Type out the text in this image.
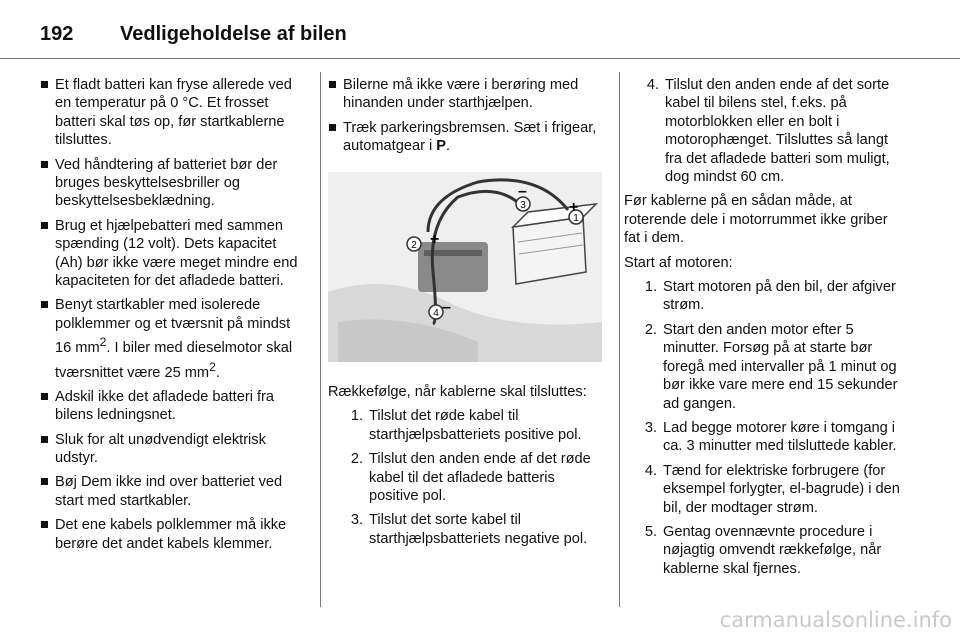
192	Vedligeholdelse af bilen
Et fladt batteri kan fryse allerede ved en temperatur på 0 °C. Et frosset batteri skal tøs op, før startkablerne tilsluttes.
Ved håndtering af batteriet bør der bruges beskyttelsesbriller og beskyttelsesbeklædning.
Brug et hjælpebatteri med sammen spænding (12 volt). Dets kapacitet (Ah) bør ikke være meget mindre end kapaciteten for det afladede batteri.
Benyt startkabler med isolerede polklemmer og et tværsnit på mindst 16 $mm^2$. I biler med dieselmotor skal tværsnittet være 25 $mm^2$.
Adskil ikke det afladede batteri fra bilens ledningsnet.
Sluk for alt unødvendigt elektrisk udstyr.
Bøj Dem ikke ind over batteriet ved start med startkabler.
Det ene kabels polklemmer må ikke berøre det andet kabels klemmer.
Bilerne må ikke være i berøring med hinanden under starthjælpen.
Træk parkeringsbremsen. Sæt i frigear, automatgear i P.
1
2
3
4
+
+
–
–
Rækkefølge, når kablerne skal tilsluttes:
1. Tilslut det røde kabel til starthjælpsbatteriets positive pol.
2. Tilslut den anden ende af det røde kabel til det afladede batteris positive pol.
3. Tilslut det sorte kabel til starthjælpsbatteriets negative pol.
4. Tilslut den anden ende af det sorte kabel til bilens stel, f.eks. på motorblokken eller en bolt i motorophænget. Tilsluttes så langt fra det afladede batteri som muligt, dog mindst 60 cm.
Før kablerne på en sådan måde, at roterende dele i motorrummet ikke griber fat i dem.
Start af motoren:
1. Start motoren på den bil, der afgiver strøm.
2. Start den anden motor efter 5 minutter. Forsøg på at starte bør foregå med intervaller på 1 minut og bør ikke vare mere end 15 sekunder ad gangen.
3. Lad begge motorer køre i tomgang i ca. 3 minutter med tilsluttede kabler.
4. Tænd for elektriske forbrugere (for eksempel forlygter, el-bagrude) i den bil, der modtager strøm.
5. Gentag ovennævnte procedure i nøjagtig omvendt rækkefølge, når kablerne skal fjernes.
carmanualsonline.info
